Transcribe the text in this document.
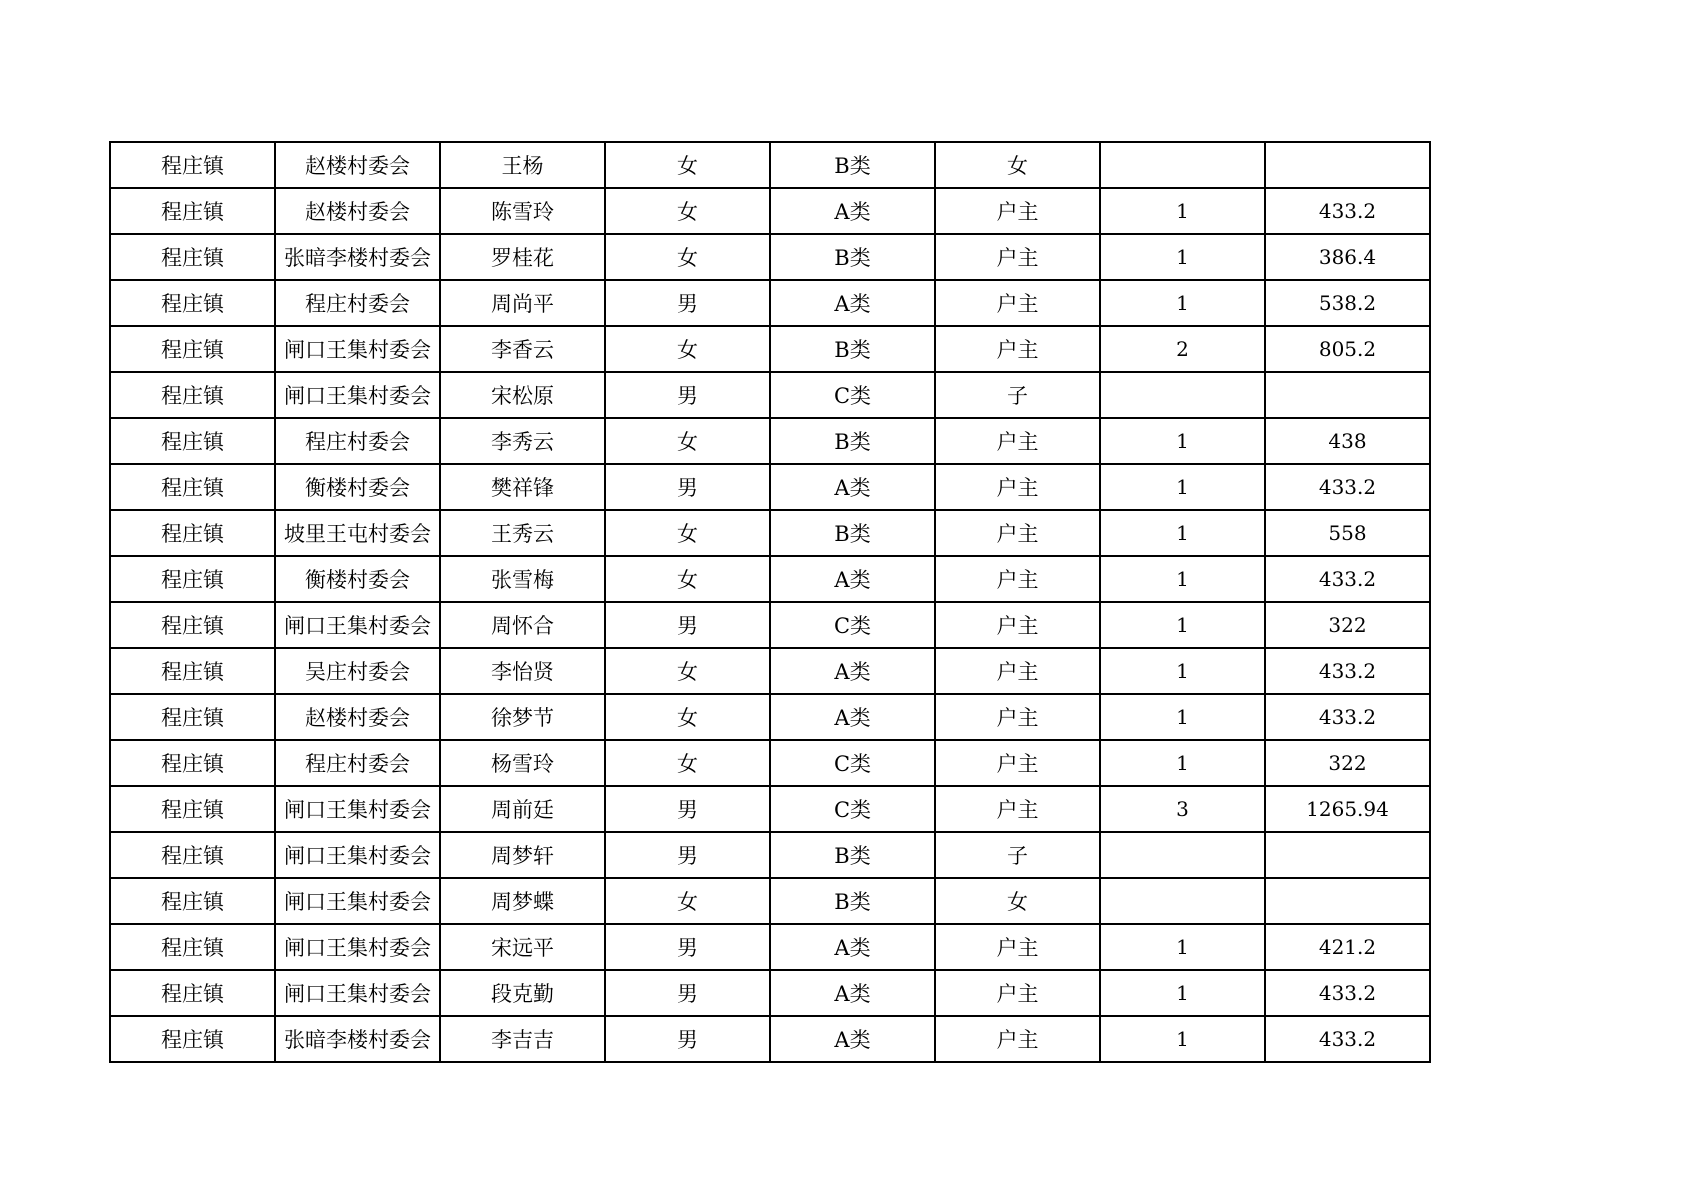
程庄镇	赵楼村委会	王杨	女	B类	女		
程庄镇	赵楼村委会	陈雪玲	女	A类	户主	1	433.2
程庄镇	张暗李楼村委会	罗桂花	女	B类	户主	1	386.4
程庄镇	程庄村委会	周尚平	男	A类	户主	1	538.2
程庄镇	闸口王集村委会	李香云	女	B类	户主	2	805.2
程庄镇	闸口王集村委会	宋松原	男	C类	子		
程庄镇	程庄村委会	李秀云	女	B类	户主	1	438
程庄镇	衡楼村委会	樊祥锋	男	A类	户主	1	433.2
程庄镇	坡里王屯村委会	王秀云	女	B类	户主	1	558
程庄镇	衡楼村委会	张雪梅	女	A类	户主	1	433.2
程庄镇	闸口王集村委会	周怀合	男	C类	户主	1	322
程庄镇	吴庄村委会	李怡贤	女	A类	户主	1	433.2
程庄镇	赵楼村委会	徐梦节	女	A类	户主	1	433.2
程庄镇	程庄村委会	杨雪玲	女	C类	户主	1	322
程庄镇	闸口王集村委会	周前廷	男	C类	户主	3	1265.94
程庄镇	闸口王集村委会	周梦轩	男	B类	子		
程庄镇	闸口王集村委会	周梦蝶	女	B类	女		
程庄镇	闸口王集村委会	宋远平	男	A类	户主	1	421.2
程庄镇	闸口王集村委会	段克勤	男	A类	户主	1	433.2
程庄镇	张暗李楼村委会	李吉吉	男	A类	户主	1	433.2
